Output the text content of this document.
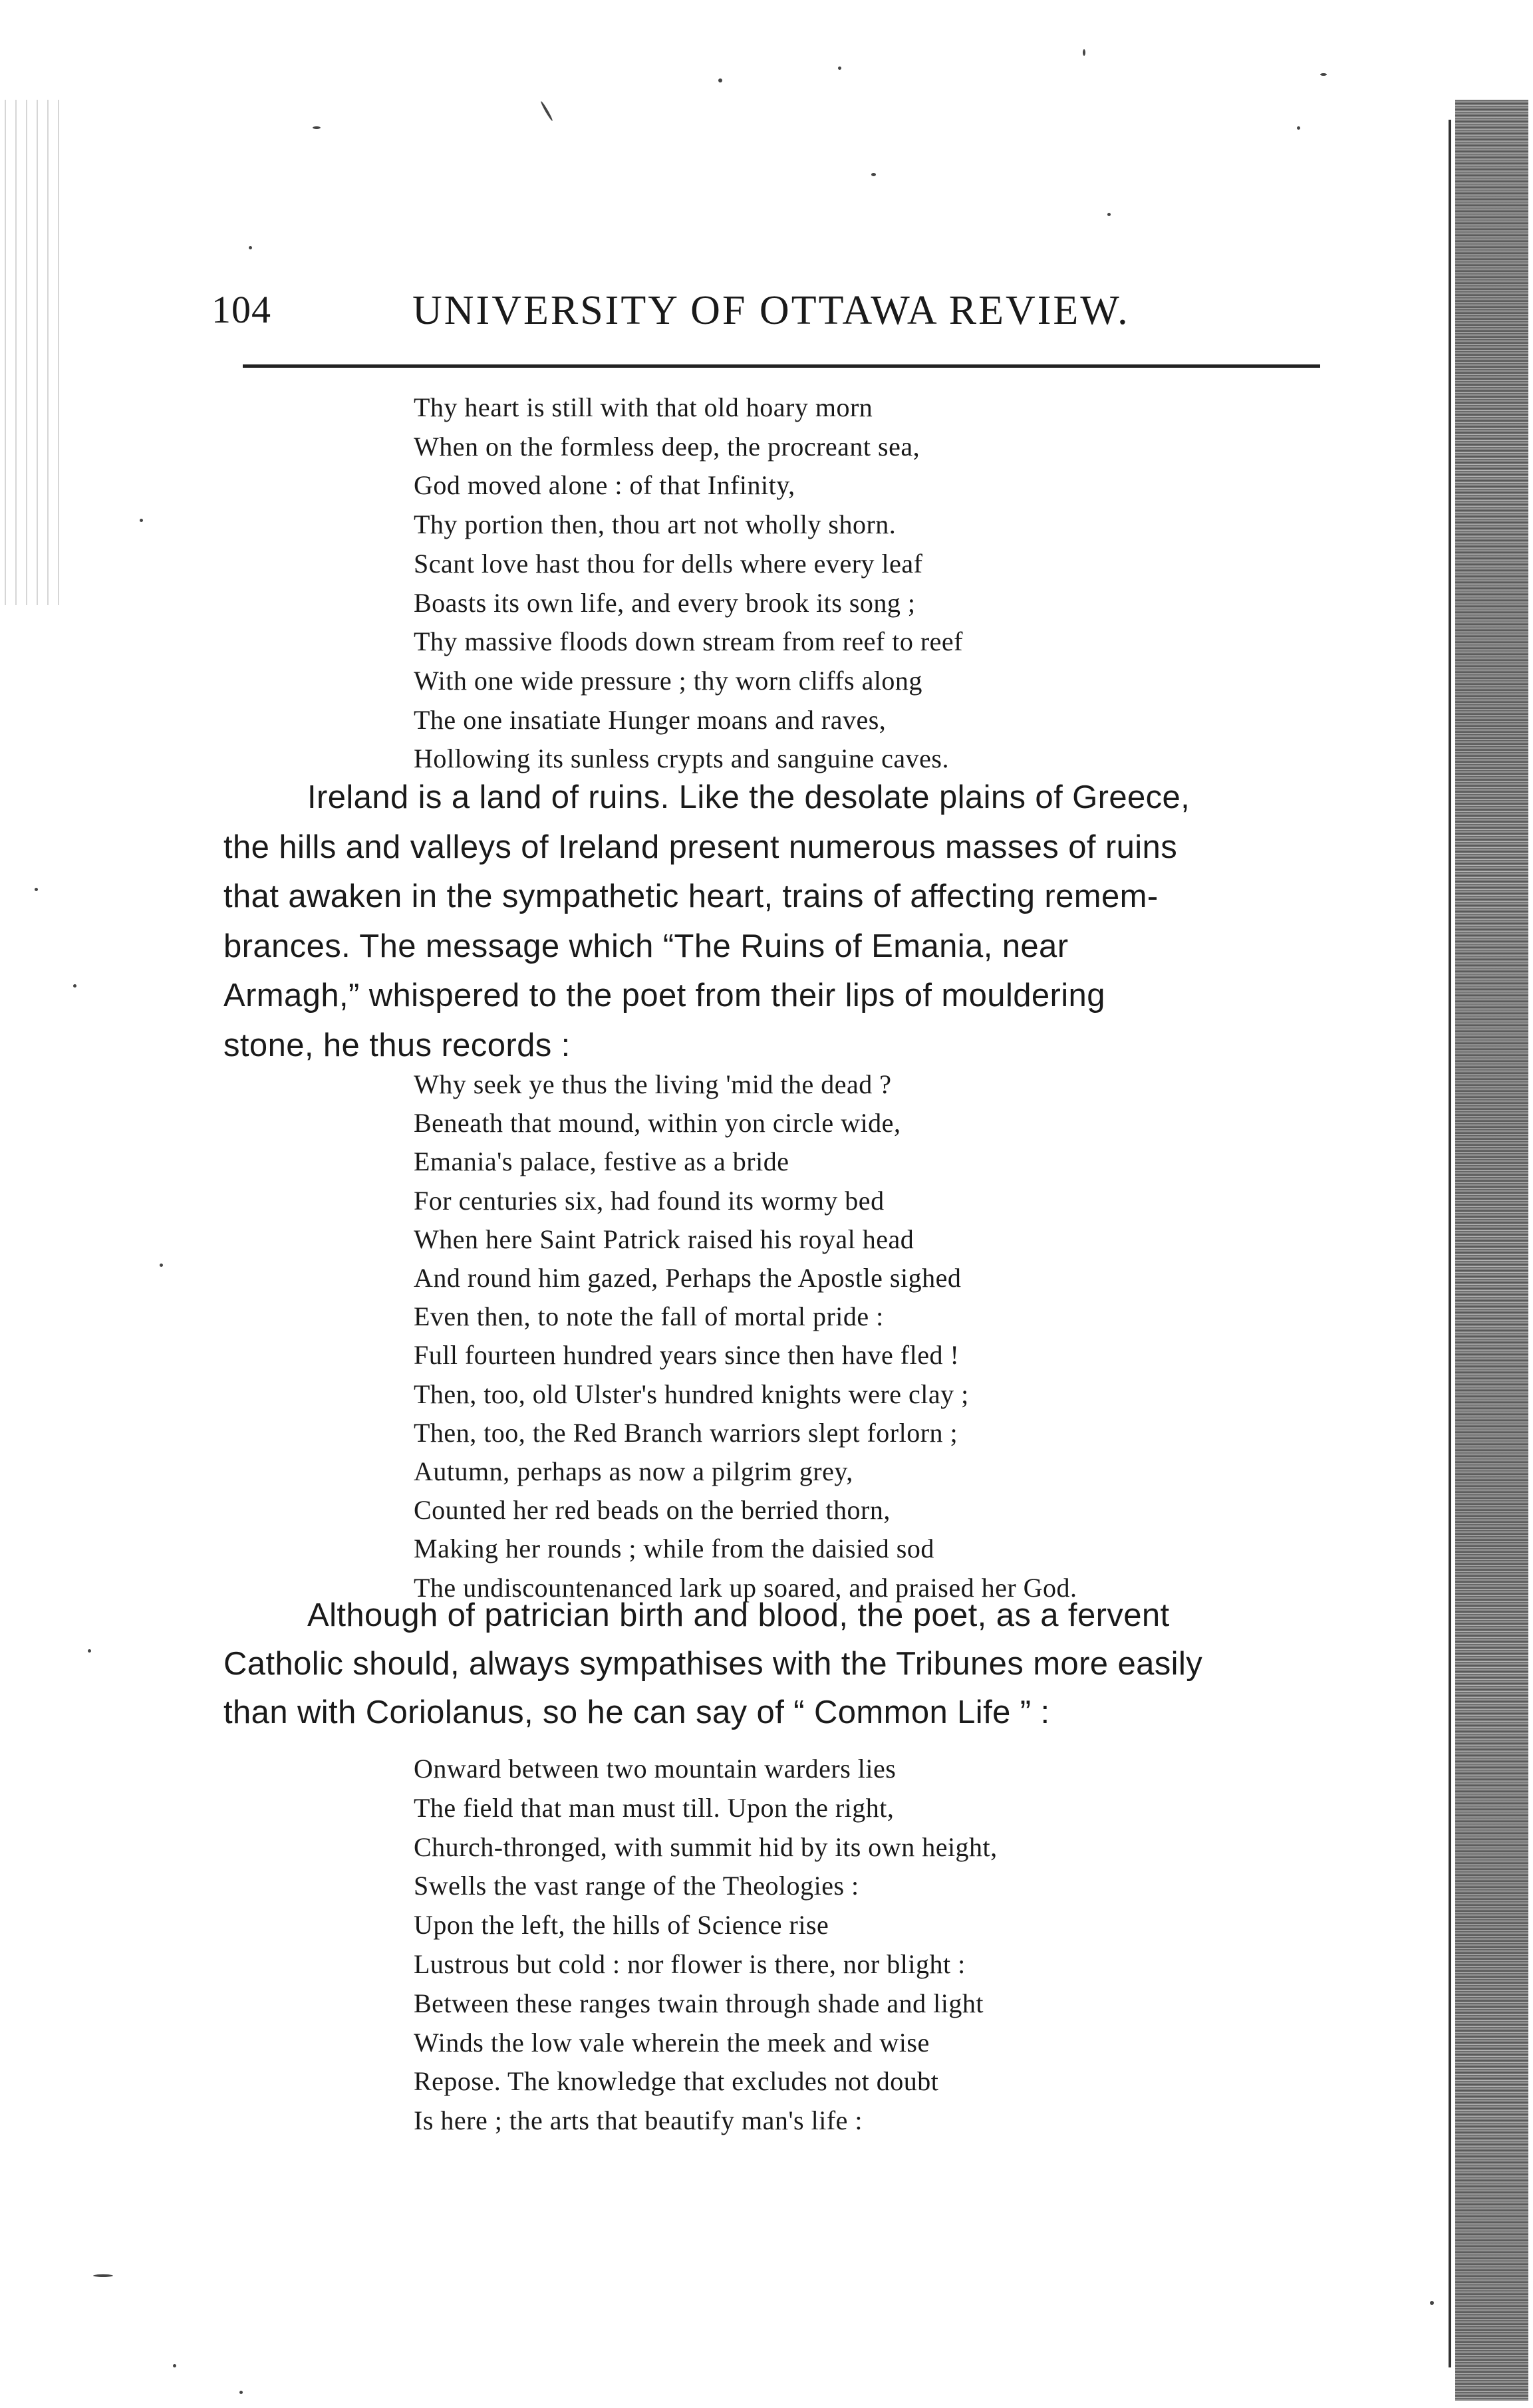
104	UNIVERSITY OF OTTAWA REVIEW.
Thy heart is still with that old hoary morn
When on the formless deep, the procreant sea,
God moved alone : of that Infinity,
Thy portion then, thou art not wholly shorn.
Scant love hast thou for dells where every leaf
Boasts its own life, and every brook its song ;
Thy massive floods down stream from reef to reef
With one wide pressure ; thy worn cliffs along
The one insatiate Hunger moans and raves,
Hollowing its sunless crypts and sanguine caves.
Ireland is a land of ruins. Like the desolate plains of Greece,
the hills and valleys of Ireland present numerous masses of ruins
that awaken in the sympathetic heart, trains of affecting remem-
brances. The message which “The Ruins of Emania, near
Armagh,” whispered to the poet from their lips of mouldering
stone, he thus records :
Why seek ye thus the living 'mid the dead ?
Beneath that mound, within yon circle wide,
Emania's palace, festive as a bride
For centuries six, had found its wormy bed
When here Saint Patrick raised his royal head
And round him gazed, Perhaps the Apostle sighed
Even then, to note the fall of mortal pride :
Full fourteen hundred years since then have fled !
Then, too, old Ulster's hundred knights were clay ;
Then, too, the Red Branch warriors slept forlorn ;
Autumn, perhaps as now a pilgrim grey,
Counted her red beads on the berried thorn,
Making her rounds ; while from the daisied sod
The undiscountenanced lark up soared, and praised her God.
Although of patrician birth and blood, the poet, as a fervent
Catholic should, always sympathises with the Tribunes more easily
than with Coriolanus, so he can say of “ Common Life ” :
Onward between two mountain warders lies
The field that man must till. Upon the right,
Church-thronged, with summit hid by its own height,
Swells the vast range of the Theologies :
Upon the left, the hills of Science rise
Lustrous but cold : nor flower is there, nor blight :
Between these ranges twain through shade and light
Winds the low vale wherein the meek and wise
Repose. The knowledge that excludes not doubt
Is here ; the arts that beautify man's life :
